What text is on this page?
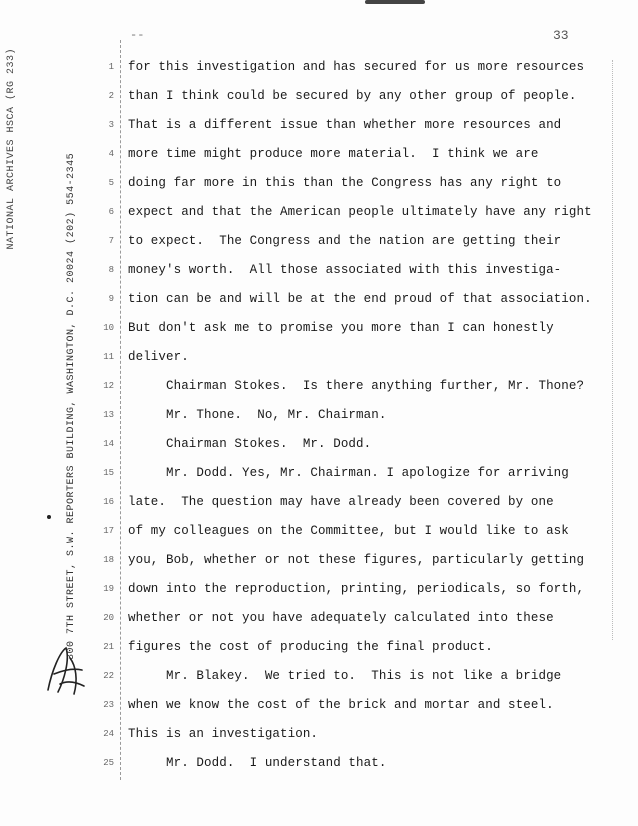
--	33
NATIONAL ARCHIVES HSCA (RG 233)
300 7TH STREET, S.W. REPORTERS BUILDING, WASHINGTON, D.C. 20024 (202) 554-2345
1 for this investigation and has secured for us more resources
2 than I think could be secured by any other group of people.
3 That is a different issue than whether more resources and
4 more time might produce more material.  I think we are
5 doing far more in this than the Congress has any right to
6 expect and that the American people ultimately have any right
7 to expect.  The Congress and the nation are getting their
8 money's worth.  All those associated with this investiga-
9 tion can be and will be at the end proud of that association.
10 But don't ask me to promise you more than I can honestly
11 deliver.
12 Chairman Stokes.  Is there anything further, Mr. Thone?
13 Mr. Thone.  No, Mr. Chairman.
14 Chairman Stokes.  Mr. Dodd.
15 Mr. Dodd. Yes, Mr. Chairman. I apologize for arriving
16 late.  The question may have already been covered by one
17 of my colleagues on the Committee, but I would like to ask
18 you, Bob, whether or not these figures, particularly getting
19 down into the reproduction, printing, periodicals, so forth,
20 whether or not you have adequately calculated into these
21 figures the cost of producing the final product.
22 Mr. Blakey.  We tried to.  This is not like a bridge
23 when we know the cost of the brick and mortar and steel.
24 This is an investigation.
25 Mr. Dodd.  I understand that.
